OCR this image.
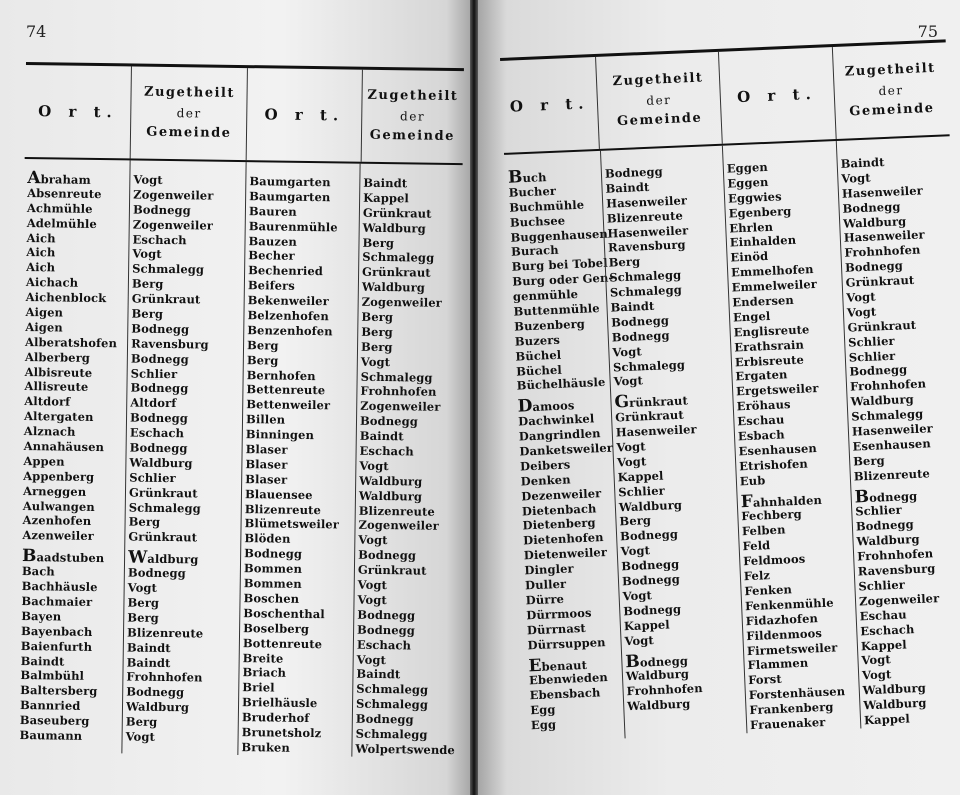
74
O r t.
Zugetheilt
der
Gemeinde
O r t.
Zugetheilt
der
Gemeinde
Abraham
Absenreute
Achmühle
Adelmühle
Aich
Aich
Aich
Aichach
Aichenblock
Aigen
Aigen
Alberatshofen
Alberberg
Albisreute
Allisreute
Altdorf
Altergaten
Alznach
Annahäusen
Appen
Appenberg
Arneggen
Aulwangen
Azenhofen
Azenweiler
Baadstuben
Bach
Bachhäusle
Bachmaier
Bayen
Bayenbach
Baienfurth
Baindt
Balmbühl
Baltersberg
Bannried
Baseuberg
Baumann
Vogt
Zogenweiler
Bodnegg
Zogenweiler
Eschach
Vogt
Schmalegg
Berg
Grünkraut
Berg
Bodnegg
Ravensburg
Bodnegg
Schlier
Bodnegg
Altdorf
Bodnegg
Eschach
Bodnegg
Waldburg
Schlier
Grünkraut
Schmalegg
Berg
Grünkraut
Waldburg
Bodnegg
Vogt
Berg
Berg
Blizenreute
Baindt
Baindt
Frohnhofen
Bodnegg
Waldburg
Berg
Vogt
Baumgarten
Baumgarten
Bauren
Baurenmühle
Bauzen
Becher
Bechenried
Beifers
Bekenweiler
Belzenhofen
Benzenhofen
Berg
Berg
Bernhofen
Bettenreute
Bettenweiler
Billen
Binningen
Blaser
Blaser
Blaser
Blauensee
Blizenreute
Blümetsweiler
Blöden
Bodnegg
Bommen
Bommen
Boschen
Boschenthal
Boselberg
Bottenreute
Breite
Briach
Briel
Brielhäusle
Bruderhof
Brunetsholz
Bruken
Baindt
Kappel
Grünkraut
Waldburg
Berg
Schmalegg
Grünkraut
Waldburg
Zogenweiler
Berg
Berg
Berg
Vogt
Schmalegg
Frohnhofen
Zogenweiler
Bodnegg
Baindt
Eschach
Vogt
Waldburg
Waldburg
Blizenreute
Zogenweiler
Vogt
Bodnegg
Grünkraut
Vogt
Vogt
Bodnegg
Bodnegg
Eschach
Vogt
Baindt
Schmalegg
Schmalegg
Bodnegg
Schmalegg
Wolpertswende
75
O r t.
Zugetheilt
der
Gemeinde
O r t.
Zugetheilt
der
Gemeinde
Buch
Bucher
Buchmühle
Buchsee
Buggenhausen
Burach
Burg bei Tobel
Burg oder Gen-
genmühle
Buttenmühle
Buzenberg
Buzers
Büchel
Büchel
Büchelhäusle
Damoos
Dachwinkel
Dangrindlen
Danketsweiler
Deibers
Denken
Dezenweiler
Dietenbach
Dietenberg
Dietenhofen
Dietenweiler
Dingler
Duller
Dürre
Dürrmoos
Dürrnast
Dürrsuppen
Ebenaut
Ebenwieden
Ebensbach
Egg
Egg
Bodnegg
Baindt
Hasenweiler
Blizenreute
Hasenweiler
Ravensburg
Berg
Schmalegg
Schmalegg
Baindt
Bodnegg
Bodnegg
Vogt
Schmalegg
Vogt
Grünkraut
Grünkraut
Hasenweiler
Vogt
Vogt
Kappel
Schlier
Waldburg
Berg
Bodnegg
Vogt
Bodnegg
Bodnegg
Vogt
Bodnegg
Kappel
Vogt
Bodnegg
Waldburg
Frohnhofen
Waldburg
Eggen
Eggen
Eggwies
Egenberg
Ehrlen
Einhalden
Einöd
Emmelhofen
Emmelweiler
Endersen
Engel
Englisreute
Erathsrain
Erbisreute
Ergaten
Ergetsweiler
Eröhaus
Eschau
Esbach
Esenhausen
Etrishofen
Eub
Fahnhalden
Fechberg
Felben
Feld
Feldmoos
Felz
Fenken
Fenkenmühle
Fidazhofen
Fildenmoos
Firmetsweiler
Flammen
Forst
Forstenhäusen
Frankenberg
Frauenaker
Baindt
Vogt
Hasenweiler
Bodnegg
Waldburg
Hasenweiler
Frohnhofen
Bodnegg
Grünkraut
Vogt
Vogt
Grünkraut
Schlier
Schlier
Bodnegg
Frohnhofen
Waldburg
Schmalegg
Hasenweiler
Esenhausen
Berg
Blizenreute
Bodnegg
Schlier
Bodnegg
Waldburg
Frohnhofen
Ravensburg
Schlier
Zogenweiler
Eschau
Eschach
Kappel
Vogt
Vogt
Waldburg
Waldburg
Kappel
